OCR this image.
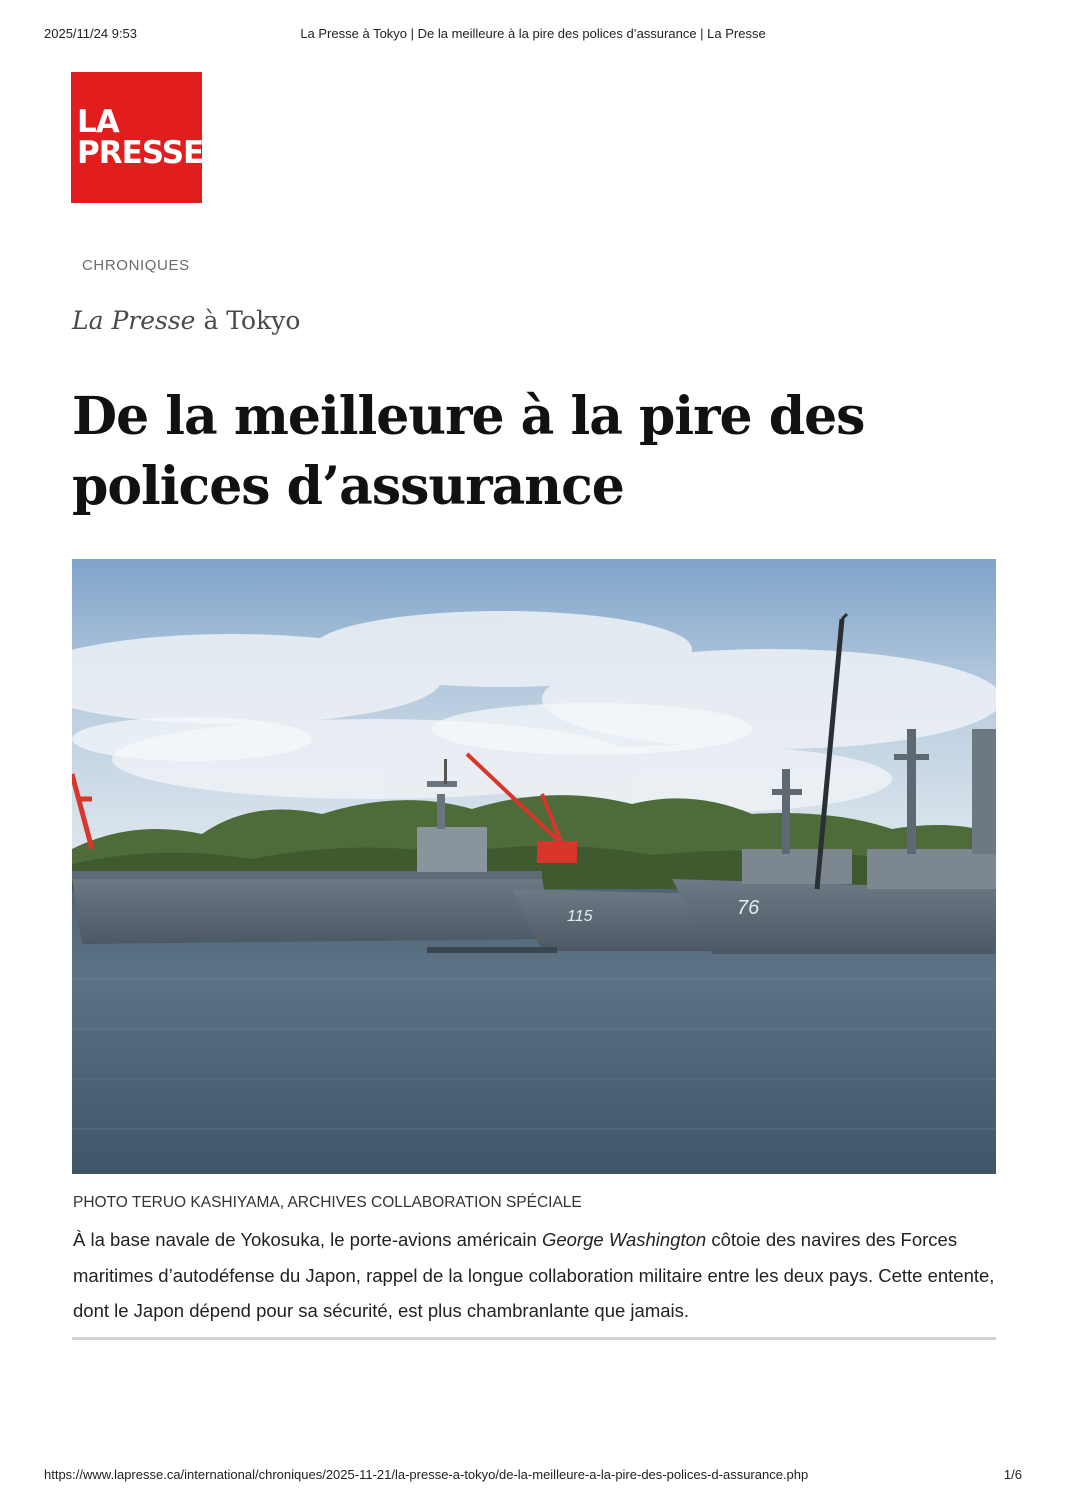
2025/11/24 9:53	La Presse à Tokyo | De la meilleure à la pire des polices d’assurance | La Presse
LA
PRESSE
CHRONIQUES
La Presse à Tokyo
De la meilleure à la pire des polices d’assurance
115	76
PHOTO TERUO KASHIYAMA, ARCHIVES COLLABORATION SPÉCIALE

À la base navale de Yokosuka, le porte-avions américain George Washington côtoie des navires des Forces maritimes d’autodéfense du Japon, rappel de la longue collaboration militaire entre les deux pays. Cette entente, dont le Japon dépend pour sa sécurité, est plus chambranlante que jamais.

https://www.lapresse.ca/international/chroniques/2025-11-21/la-presse-a-tokyo/de-la-meilleure-a-la-pire-des-polices-d-assurance.php	1/6
